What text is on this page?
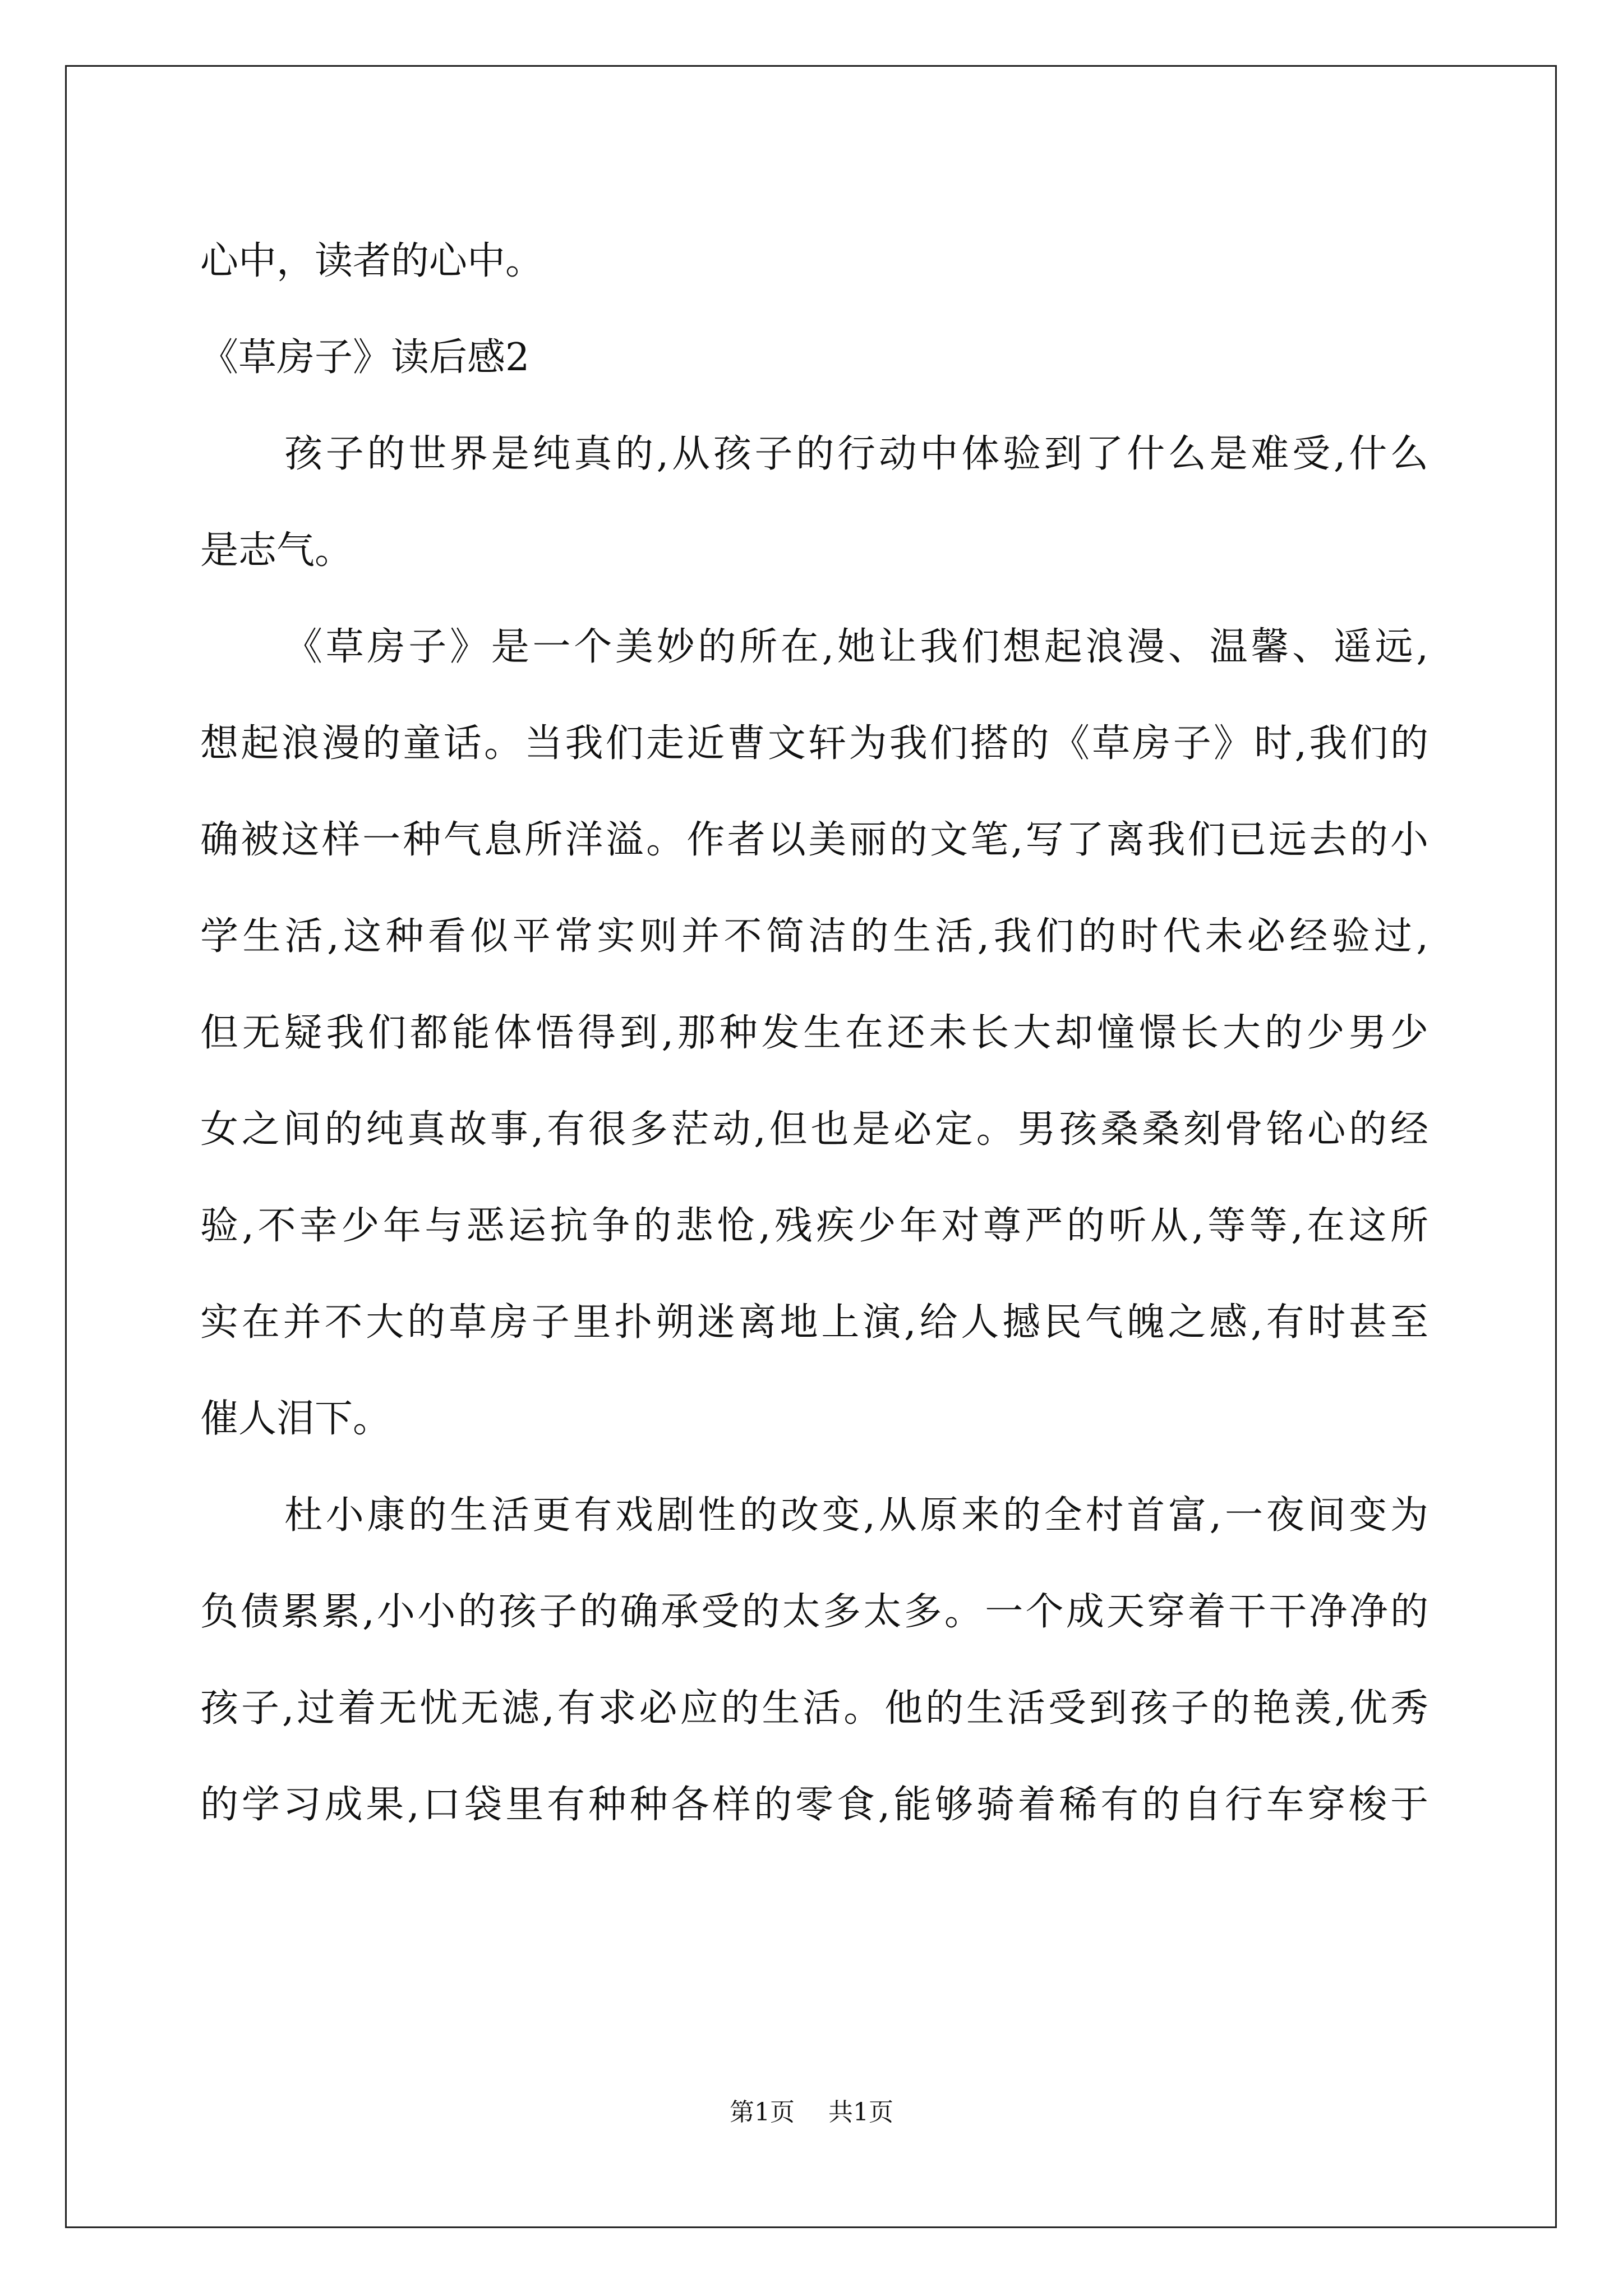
心中，读者的心中。
《草房子》读后感2
孩子的世界是纯真的,从孩子的行动中体验到了什么是难受,什么
是志气。
《草房子》是一个美妙的所在,她让我们想起浪漫、温馨、遥远,
想起浪漫的童话。当我们走近曹文轩为我们搭的《草房子》时,我们的
确被这样一种气息所洋溢。作者以美丽的文笔,写了离我们已远去的小
学生活,这种看似平常实则并不简洁的生活,我们的时代未必经验过,
但无疑我们都能体悟得到,那种发生在还未长大却憧憬长大的少男少
女之间的纯真故事,有很多茫动,但也是必定。男孩桑桑刻骨铭心的经
验,不幸少年与恶运抗争的悲怆,残疾少年对尊严的听从,等等,在这所
实在并不大的草房子里扑朔迷离地上演,给人撼民气魄之感,有时甚至
催人泪下。
杜小康的生活更有戏剧性的改变,从原来的全村首富,一夜间变为
负债累累,小小的孩子的确承受的太多太多。一个成天穿着干干净净的
孩子,过着无忧无滤,有求必应的生活。他的生活受到孩子的艳羡,优秀
的学习成果,口袋里有种种各样的零食,能够骑着稀有的自行车穿梭于
第1页 共1页
